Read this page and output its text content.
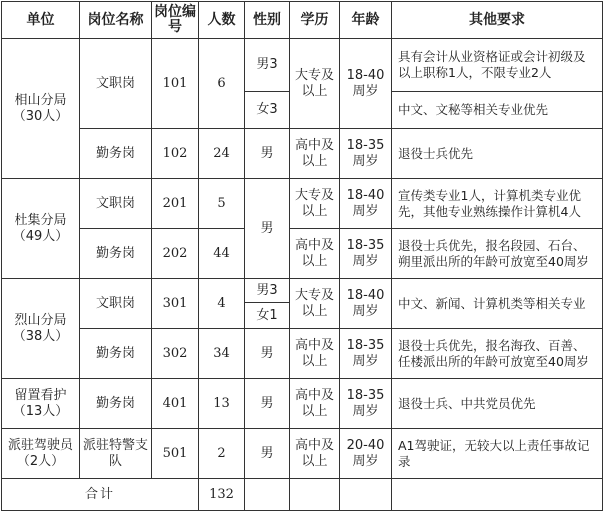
单位	岗位名称	岗位编号	人数	性别	学历	年龄	其他要求
相山分局（30人）	文职岗	101	6	男3	大专及以上	18-40周岁	具有会计从业资格证或会计初级及以上职称1人，不限专业2人
				女3			中文、文秘等相关专业优先
	勤务岗	102	24	男	高中及以上	18-35周岁	退役士兵优先
杜集分局（49人）	文职岗	201	5	男	大专及以上	18-40周岁	宣传类专业1人，计算机类专业优先，其他专业熟练操作计算机4人
	勤务岗	202	44		高中及以上	18-35周岁	退役士兵优先，报名段园、石台、朔里派出所的年龄可放宽至40周岁
烈山分局（38人）	文职岗	301	4	男3	大专及以上	18-40周岁	中文、新闻、计算机类等相关专业
				女1			
	勤务岗	302	34	男	高中及以上	18-35周岁	退役士兵优先，报名海孜、百善、任楼派出所的年龄可放宽至40周岁
留置看护（13人）	勤务岗	401	13	男	高中及以上	18-35周岁	退役士兵、中共党员优先
派驻驾驶员（2人）	派驻特警支队	501	2	男	高中及以上	20-40周岁	A1驾驶证，无较大以上责任事故记录
合计			132				
